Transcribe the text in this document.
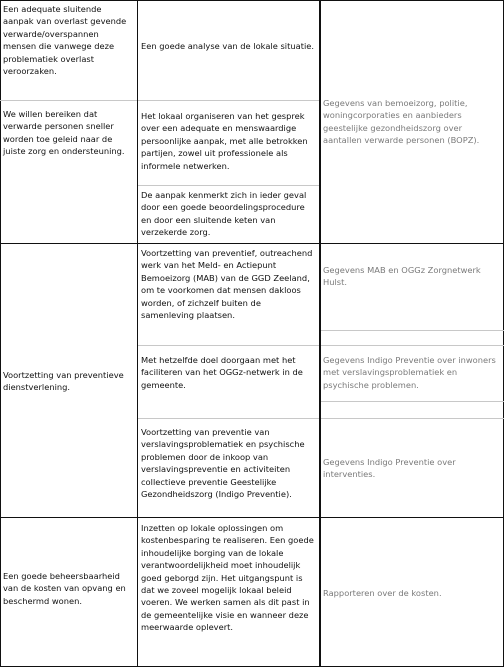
Een adequate sluitende aanpak van overlast gevende verwarde/overspannen mensen die vanwege deze problematiek overlast veroorzaken.
We willen bereiken dat verwarde personen sneller worden toe geleid naar de juiste zorg en ondersteuning.
Voortzetting van preventieve dienstverlening.
Een goede beheersbaarheid van de kosten van opvang en beschermd wonen.
Een goede analyse van de lokale situatie.
Het lokaal organiseren van het gesprek over een adequate en menswaardige persoonlijke aanpak, met alle betrokken partijen, zowel uit professionele als informele netwerken.
De aanpak kenmerkt zich in ieder geval door een goede beoordelingsprocedure en door een sluitende keten van verzekerde zorg.
Voortzetting van preventief, outreachend werk van het Meld- en Actiepunt Bemoeizorg (MAB) van de GGD Zeeland, om te voorkomen dat mensen dakloos worden, of zichzelf buiten de samenleving plaatsen.
Met hetzelfde doel doorgaan met het faciliteren van het OGGz-netwerk in de gemeente.
Voortzetting van preventie van verslavingsproblematiek en psychische problemen door de inkoop van verslavingspreventie en activiteiten collectieve preventie Geestelijke Gezondheidszorg (Indigo Preventie).
Inzetten op lokale oplossingen om kostenbesparing te realiseren. Een goede inhoudelijke borging van de lokale verantwoordelijkheid moet inhoudelijk goed geborgd zijn. Het uitgangspunt is dat we zoveel mogelijk lokaal beleid voeren. We werken samen als dit past in de gemeentelijke visie en wanneer deze meerwaarde oplevert.
Gegevens van bemoeizorg, politie, woningcorporaties en aanbieders geestelijke gezondheidszorg over aantallen verwarde personen (BOPZ).
Gegevens MAB en OGGz Zorgnetwerk Hulst.
Gegevens Indigo Preventie over inwoners met verslavingsproblematiek en psychische problemen.
Gegevens Indigo Preventie over interventies.
Rapporteren over de kosten.
